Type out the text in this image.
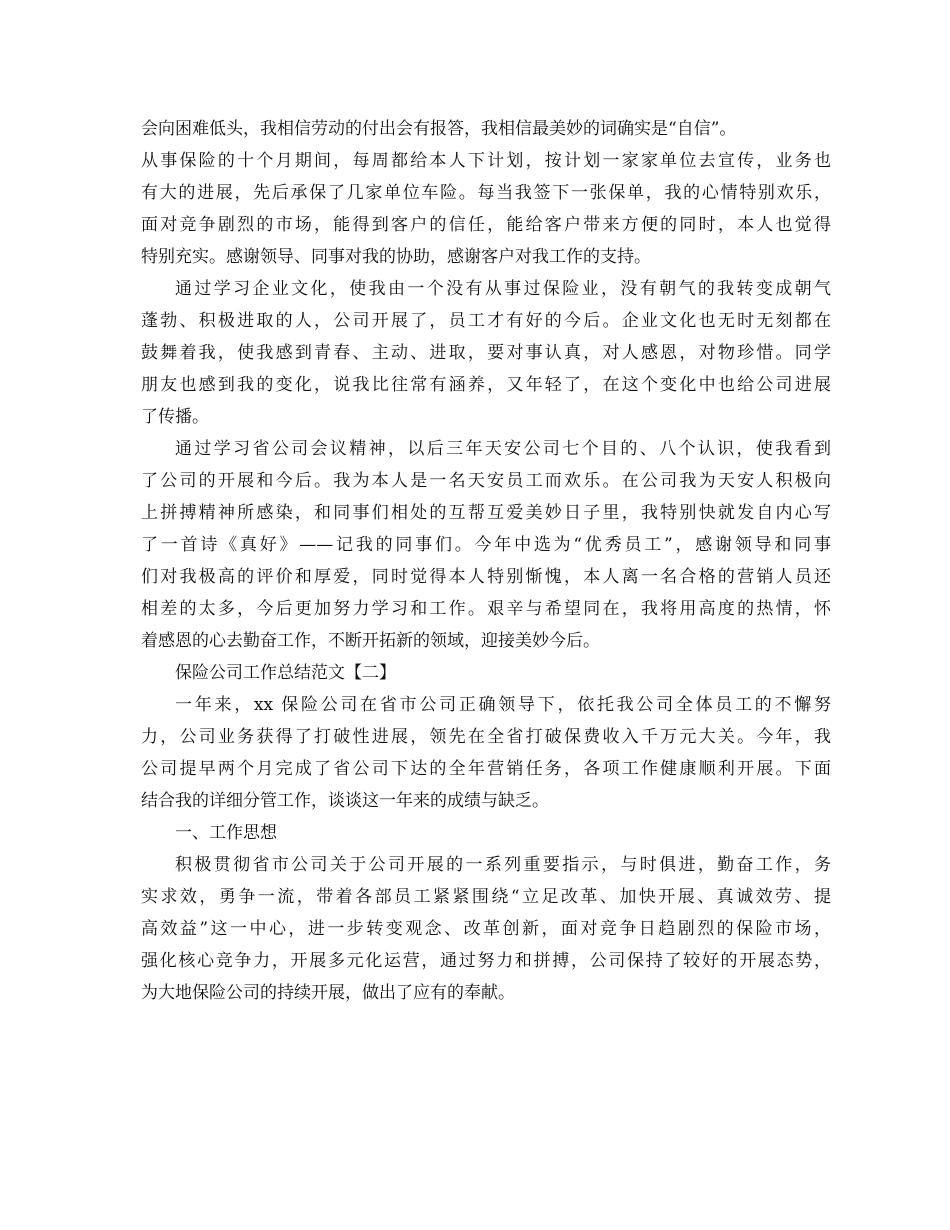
会向困难低头，我相信劳动的付出会有报答，我相信最美妙的词确实是“自信”。
从事保险的十个月期间，每周都给本人下计划，按计划一家家单位去宣传，业务也
有大的进展，先后承保了几家单位车险。每当我签下一张保单，我的心情特别欢乐，
面对竞争剧烈的市场，能得到客户的信任，能给客户带来方便的同时，本人也觉得
特别充实。感谢领导、同事对我的协助，感谢客户对我工作的支持。
通过学习企业文化，使我由一个没有从事过保险业，没有朝气的我转变成朝气
蓬勃、积极进取的人，公司开展了，员工才有好的今后。企业文化也无时无刻都在
鼓舞着我，使我感到青春、主动、进取，要对事认真，对人感恩，对物珍惜。同学
朋友也感到我的变化，说我比往常有涵养，又年轻了，在这个变化中也给公司进展
了传播。
通过学习省公司会议精神，以后三年天安公司七个目的、八个认识，使我看到
了公司的开展和今后。我为本人是一名天安员工而欢乐。在公司我为天安人积极向
上拼搏精神所感染，和同事们相处的互帮互爱美妙日子里，我特别快就发自内心写
了一首诗《真好》——记我的同事们。今年中选为“优秀员工”，感谢领导和同事
们对我极高的评价和厚爱，同时觉得本人特别惭愧，本人离一名合格的营销人员还
相差的太多，今后更加努力学习和工作。艰辛与希望同在，我将用高度的热情，怀
着感恩的心去勤奋工作，不断开拓新的领域，迎接美妙今后。
保险公司工作总结范文【二】
一年来，xx 保险公司在省市公司正确领导下，依托我公司全体员工的不懈努
力，公司业务获得了打破性进展，领先在全省打破保费收入千万元大关。今年，我
公司提早两个月完成了省公司下达的全年营销任务，各项工作健康顺利开展。下面
结合我的详细分管工作，谈谈这一年来的成绩与缺乏。
一、工作思想
积极贯彻省市公司关于公司开展的一系列重要指示，与时俱进，勤奋工作，务
实求效，勇争一流，带着各部员工紧紧围绕“立足改革、加快开展、真诚效劳、提
高效益”这一中心，进一步转变观念、改革创新，面对竞争日趋剧烈的保险市场，
强化核心竞争力，开展多元化运营，通过努力和拼搏，公司保持了较好的开展态势，
为大地保险公司的持续开展，做出了应有的奉献。
